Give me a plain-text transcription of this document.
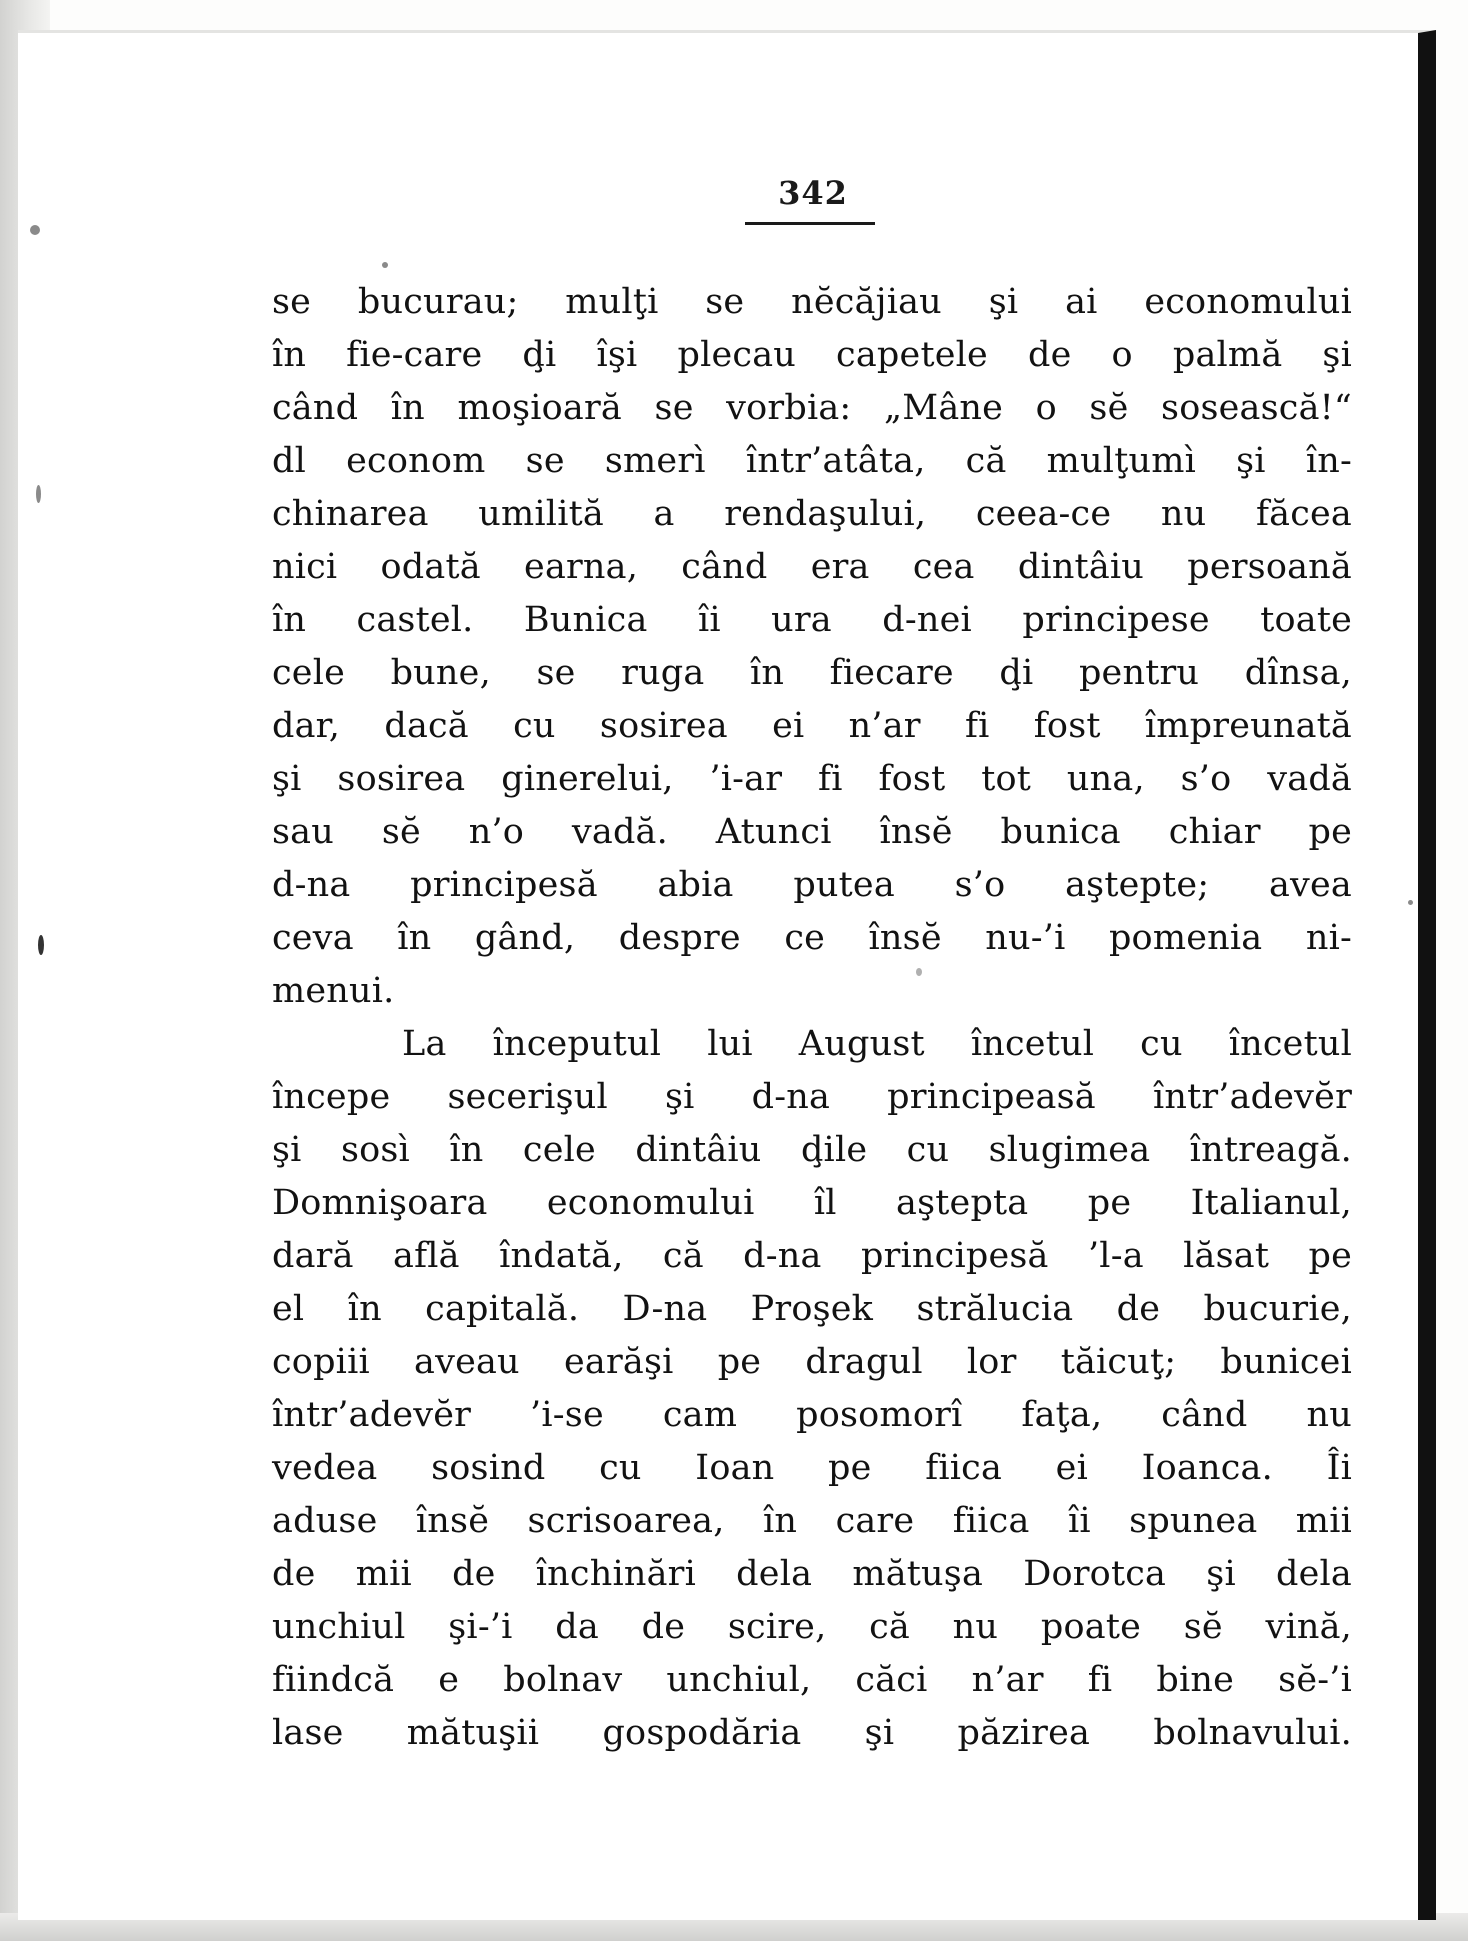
342
se bucurau; mulţi se nĕcăjiau şi ai economului
în fie-care ḑi îşi plecau capetele de o palmă şi
când în moşioară se vorbia: „Mâne o sĕ sosească!“
dl econom se smerì într’atâta, că mulţumì şi în-
chinarea umilită a rendaşului, ceea-ce nu făcea
nici odată earna, când era cea dintâiu persoană
în castel. Bunica îi ura d-nei principese toate
cele bune, se ruga în fiecare ḑi pentru dînsa,
dar, dacă cu sosirea ei n’ar fi fost împreunată
şi sosirea ginerelui, ’i-ar fi fost tot una, s’o vadă
sau sĕ n’o vadă. Atunci însĕ bunica chiar pe
d-na principesă abia putea s’o aştepte; avea
ceva în gând, despre ce însĕ nu-’i pomenia ni-
menui.
La începutul lui August încetul cu încetul
începe secerişul şi d-na principeasă într’adevĕr
şi sosì în cele dintâiu ḑile cu slugimea întreagă.
Domnişoara economului îl aştepta pe Italianul,
dară află îndată, că d-na principesă ’l-a lăsat pe
el în capitală. D-na Proşek strălucia de bucurie,
copiii aveau earăşi pe dragul lor tăicuţ; bunicei
într’adevĕr ’i-se cam posomorî faţa, când nu
vedea sosind cu Ioan pe fiica ei Ioanca. Îi
aduse însĕ scrisoarea, în care fiica îi spunea mii
de mii de închinări dela mătuşa Dorotca şi dela
unchiul şi-’i da de scire, că nu poate sĕ vină,
fiindcă e bolnav unchiul, căci n’ar fi bine sĕ-’i
lase mătuşii gospodăria şi păzirea bolnavului.
